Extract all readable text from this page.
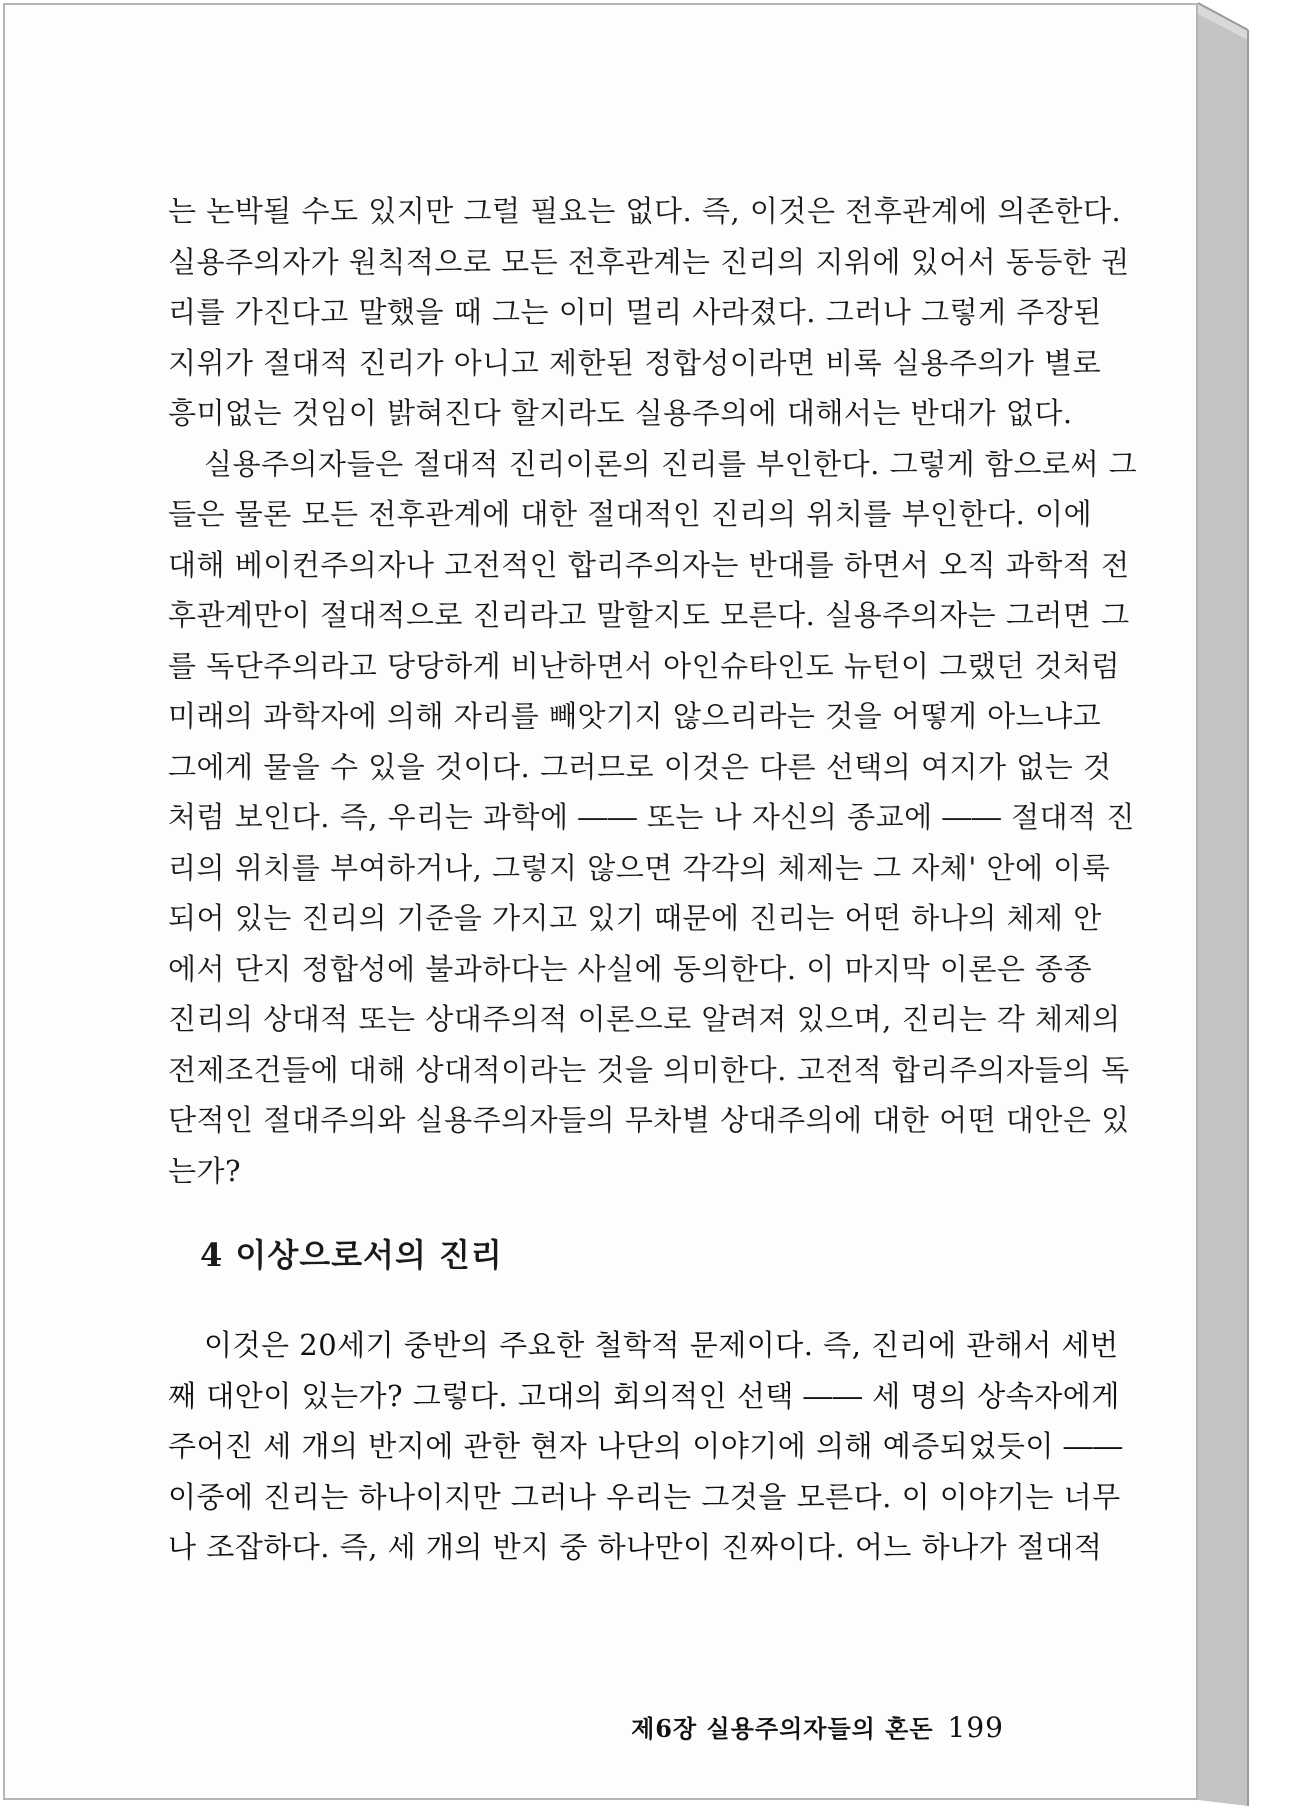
는 논박될 수도 있지만 그럴 필요는 없다. 즉, 이것은 전후관계에 의존한다.
실용주의자가 원칙적으로 모든 전후관계는 진리의 지위에 있어서 동등한 권
리를 가진다고 말했을 때 그는 이미 멀리 사라졌다. 그러나 그렇게 주장된
지위가 절대적 진리가 아니고 제한된 정합성이라면 비록 실용주의가 별로
흥미없는 것임이 밝혀진다 할지라도 실용주의에 대해서는 반대가 없다.

실용주의자들은 절대적 진리이론의 진리를 부인한다. 그렇게 함으로써 그
들은 물론 모든 전후관계에 대한 절대적인 진리의 위치를 부인한다. 이에
대해 베이컨주의자나 고전적인 합리주의자는 반대를 하면서 오직 과학적 전
후관계만이 절대적으로 진리라고 말할지도 모른다. 실용주의자는 그러면 그
를 독단주의라고 당당하게 비난하면서 아인슈타인도 뉴턴이 그랬던 것처럼
미래의 과학자에 의해 자리를 빼앗기지 않으리라는 것을 어떻게 아느냐고
그에게 물을 수 있을 것이다. 그러므로 이것은 다른 선택의 여지가 없는 것
처럼 보인다. 즉, 우리는 과학에 ―― 또는 나 자신의 종교에 ―― 절대적 진
리의 위치를 부여하거나, 그렇지 않으면 각각의 체제는 그 자체' 안에 이룩
되어 있는 진리의 기준을 가지고 있기 때문에 진리는 어떤 하나의 체제 안
에서 단지 정합성에 불과하다는 사실에 동의한다. 이 마지막 이론은 종종
진리의 상대적 또는 상대주의적 이론으로 알려져 있으며, 진리는 각 체제의
전제조건들에 대해 상대적이라는 것을 의미한다. 고전적 합리주의자들의 독
단적인 절대주의와 실용주의자들의 무차별 상대주의에 대한 어떤 대안은 있
는가?

4 이상으로서의 진리

이것은 20세기 중반의 주요한 철학적 문제이다. 즉, 진리에 관해서 세번
째 대안이 있는가? 그렇다. 고대의 회의적인 선택 ―― 세 명의 상속자에게
주어진 세 개의 반지에 관한 현자 나단의 이야기에 의해 예증되었듯이 ――
이중에 진리는 하나이지만 그러나 우리는 그것을 모른다. 이 이야기는 너무
나 조잡하다. 즉, 세 개의 반지 중 하나만이 진짜이다. 어느 하나가 절대적

제6장 실용주의자들의 혼돈 199
